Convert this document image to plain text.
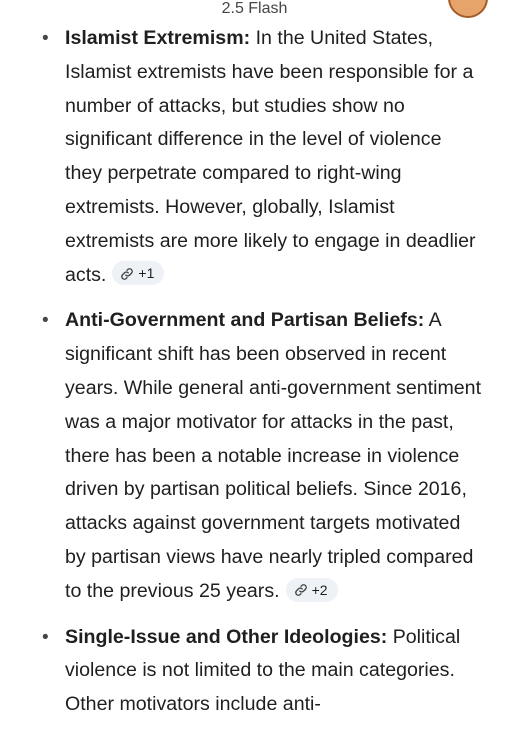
2.5 Flash
• Islamist Extremism: In the United States, Islamist extremists have been responsible for a number of attacks, but studies show no significant difference in the level of violence they perpetrate compared to right-wing extremists. However, globally, Islamist extremists are more likely to engage in deadlier acts. +1
• Anti-Government and Partisan Beliefs: A significant shift has been observed in recent years. While general anti-government sentiment was a major motivator for attacks in the past, there has been a notable increase in violence driven by partisan political beliefs. Since 2016, attacks against government targets motivated by partisan views have nearly tripled compared to the previous 25 years. +2
• Single-Issue and Other Ideologies: Political violence is not limited to the main categories. Other motivators include anti-
